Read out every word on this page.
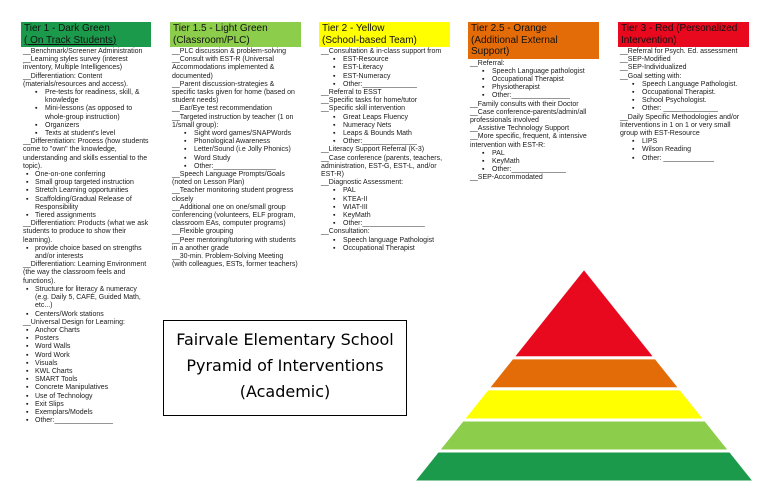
Tier 1 - Dark Green
( On Track Students)
__Benchmark/Screener Administration
__Learning styles survey (interest inventory, Multiple Intelligences)
__Differentiation: Content (materials/resources and access).
▪ Pre-tests for readiness, skill, & knowledge
▪ Mini-lessons (as opposed to whole-group instruction)
▪ Organizers
▪ Texts at student's level
__Differentiation: Process (how students come to "own" the knowledge, understanding and skills essential to the topic).
▪ One-on-one conferring
▪ Small group targeted instruction
▪ Stretch Learning opportunities
▪ Scaffolding/Gradual Release of Responsibility
▪ Tiered assignments
__Differentiation: Products (what we ask students to produce to show their learning).
▪ provide choice based on strengths and/or interests
__Differentiation: Learning Environment (the way the classroom feels and functions).
▪ Structure for literacy & numeracy (e.g. Daily 5, CAFÉ, Guided Math, etc...)
▪ Centers/Work stations
__Universal Design for Learning:
▪ Anchor Charts
▪ Posters
▪ Word Walls
▪ Word Work
▪ Visuals
▪ KWL Charts
▪ SMART Tools
▪ Concrete Manipulatives
▪ Use of Technology
▪ Exit Slips
▪ Exemplars/Models
▪ Other:_______________
Tier 1.5 - Light Green
(Classroom/PLC)
__PLC discussion & problem-solving
__Consult with EST-R (Universal Accommodations implemented & documented)
__Parent discussion-strategies & specific tasks given for home (based on student needs)
__Ear/Eye test recommendation
__Targeted instruction by teacher (1 on 1/small group):
▪ Sight word games/SNAPWords
▪ Phonological Awareness
▪ Letter/Sound (i.e Jolly Phonics)
▪ Word Study
▪ Other:________________
__Speech Language Prompts/Goals (noted on Lesson Plan)
__Teacher monitoring student progress closely
__Additional one on one/small group conferencing (volunteers, ELF program, classroom EAs, computer programs)
__Flexible grouping
__Peer mentoring/tutoring with students in a another grade
__30-min. Problem-Solving Meeting (with colleagues, ESTs, former teachers)
Tier 2 - Yellow
(School-based Team)
__Consultation & in-class support from
▪ EST-Resource
▪ EST-Literacy
▪ EST-Numeracy
▪ Other:______________
__Referral to ESST
__Specific tasks for home/tutor
__Specific skill intervention
▪ Great Leaps Fluency
▪ Numeracy Nets
▪ Leaps & Bounds Math
▪ Other:______________
__Literacy Support Referral (K-3)
__Case conference (parents, teachers, administration, EST-G, EST-L, and/or EST-R)
__Diagnostic Assessment:
▪ PAL
▪ KTEA-II
▪ WIAT-III
▪ KeyMath
▪ Other:________________
__Consultation:
▪ Speech language Pathologist
▪ Occupational Therapist
Tier 2.5 - Orange
(Additional External
Support)
__Referral:
▪ Speech Language pathologist
▪ Occupational Therapist
▪ Physiotherapist
▪ Other:_______________
__Family consults with their Doctor
__Case conference-parents/admin/all professionals involved
__Assistive Technology Support
__More specific, frequent, & intensive intervention with EST-R:
▪ PAL
▪ KeyMath
▪ Other:______________
__SEP-Accommodated
Tier 3 - Red (Personalized
Intervention)
__Referral for Psych. Ed. assessment
__SEP-Modified
__SEP-Individualized
__Goal setting with:
▪ Speech Language Pathologist.
▪ Occupational Therapist.
▪ School Psychologist.
▪ Other: ______________
__Daily Specific Methodologies and/or Interventions in 1 on 1 or very small group with EST-Resource
▪ LIPS
▪ Wilson Reading
▪ Other: _____________
Fairvale Elementary School
Pyramid of Interventions
(Academic)
